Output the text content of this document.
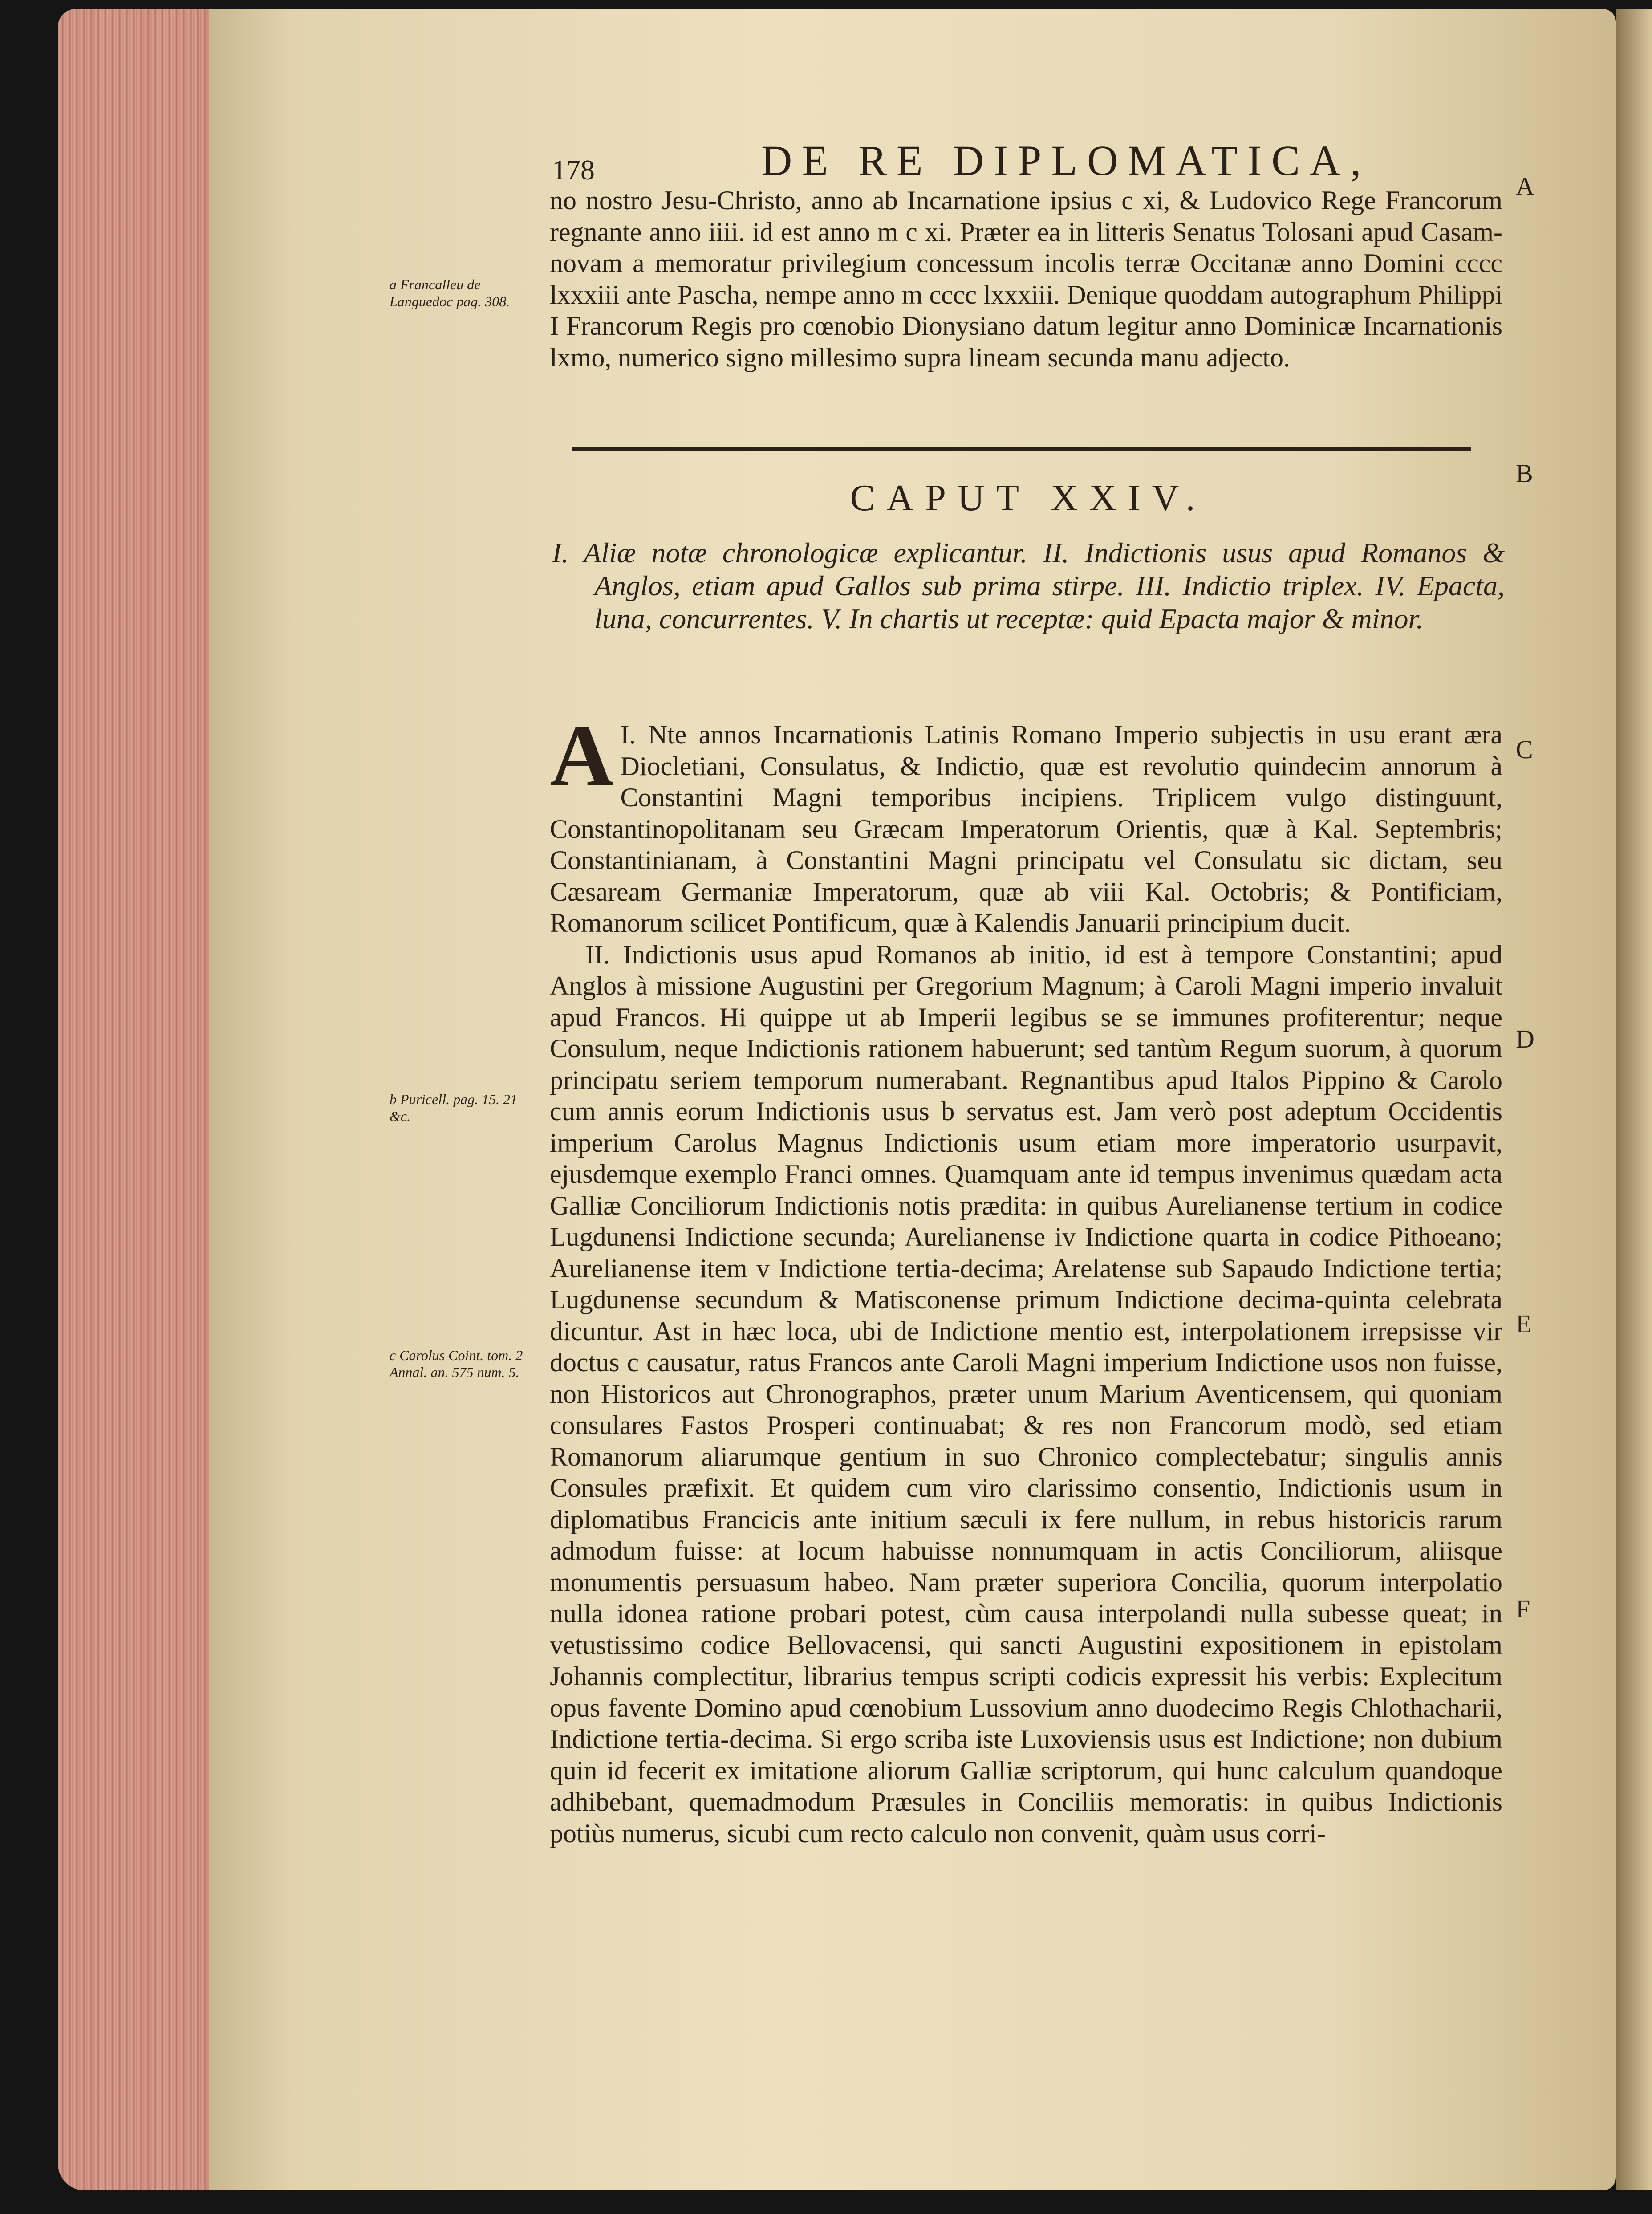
178	DE RE DIPLOMATICA,

no nostro Jesu-Christo, anno ab Incarnatione ipsius c xi, & Ludovico Rege Francorum regnante anno iiii. id est anno m c xi. Præter ea in litteris Senatus Tolosani apud Casam-novam a memoratur privilegium concessum incolis terræ Occitanæ anno Domini cccc lxxxiii ante Pascha, nempe anno m cccc lxxxiii. Denique quoddam autographum Philippi I Francorum Regis pro cœnobio Dionysiano datum legitur anno Dominicæ Incarnationis lxmo, numerico signo millesimo supra lineam secunda manu adjecto.

a Francalleu de Languedoc pag. 308.
CAPUT XXIV.

I. Aliæ notæ chronologicæ explicantur. II. Indictionis usus apud Romanos & Anglos, etiam apud Gallos sub prima stirpe. III. Indictio triplex. IV. Epacta, luna, concurrentes. V. In chartis ut receptæ: quid Epacta major & minor.

I.
A Nte annos Incarnationis Latinis Romano Imperio subjectis in usu erant æra Diocletiani, Consulatus, & Indictio, quæ est revolutio quindecim annorum à Constantini Magni temporibus incipiens. Triplicem vulgo distinguunt, Constantinopolitanam seu Græcam Imperatorum Orientis, quæ à Kal. Septembris; Constantinianam, à Constantini Magni principatu vel Consulatu sic dictam, seu Cæsaream Germaniæ Imperatorum, quæ ab viii Kal. Octobris; & Pontificiam, Romanorum scilicet Pontificum, quæ à Kalendis Januarii principium ducit.

II. Indictionis usus apud Romanos ab initio, id est à tempore Constantini; apud Anglos à missione Augustini per Gregorium Magnum; à Caroli Magni imperio invaluit apud Francos. Hi quippe ut ab Imperii legibus se se immunes profiterentur; neque Consulum, neque Indictionis rationem habuerunt; sed tantùm Regum suorum, à quorum principatu seriem temporum numerabant. Regnantibus apud Italos Pippino & Carolo cum annis eorum Indictionis usus b servatus est. Jam verò post adeptum Occidentis imperium Carolus Magnus Indictionis usum etiam more imperatorio usurpavit, ejusdemque exemplo Franci omnes. Quamquam ante id tempus invenimus quædam acta Galliæ Conciliorum Indictionis notis prædita: in quibus Aurelianense tertium in codice Lugdunensi Indictione secunda; Aurelianense iv Indictione quarta in codice Pithoeano; Aurelianense item v Indictione tertia-decima; Arelatense sub Sapaudo Indictione tertia; Lugdunense secundum & Matisconense primum Indictione decima-quinta celebrata dicuntur. Ast in hæc loca, ubi de Indictione mentio est, interpolationem irrepsisse vir doctus c causatur, ratus Francos ante Caroli Magni imperium Indictione usos non fuisse, non Historicos aut Chronographos, præter unum Marium Aventicensem, qui quoniam consulares Fastos Prosperi continuabat; & res non Francorum modò, sed etiam Romanorum aliarumque gentium in suo Chronico complectebatur; singulis annis Consules præfixit. Et quidem cum viro clarissimo consentio, Indictionis usum in diplomatibus Francicis ante initium sæculi ix fere nullum, in rebus historicis rarum admodum fuisse: at locum habuisse nonnumquam in actis Conciliorum, aliisque monumentis persuasum habeo. Nam præter superiora Concilia, quorum interpolatio nulla idonea ratione probari potest, cùm causa interpolandi nulla subesse queat; in vetustissimo codice Bellovacensi, qui sancti Augustini expositionem in epistolam Johannis complectitur, librarius tempus scripti codicis expressit his verbis: Explecitum opus favente Domino apud cœnobium Lussovium anno duodecimo Regis Chlothacharii, Indictione tertia-decima. Si ergo scriba iste Luxoviensis usus est Indictione; non dubium quin id fecerit ex imitatione aliorum Galliæ scriptorum, qui hunc calculum quandoque adhibebant, quemadmodum Præsules in Conciliis memoratis: in quibus Indictionis potiùs numerus, sicubi cum recto calculo non convenit, quàm usus corri-

b Puricell. pag. 15. 21 &c.
c Carolus Coint. tom. 2 Annal. an. 575 num. 5.
A
B
C
D
E
F
